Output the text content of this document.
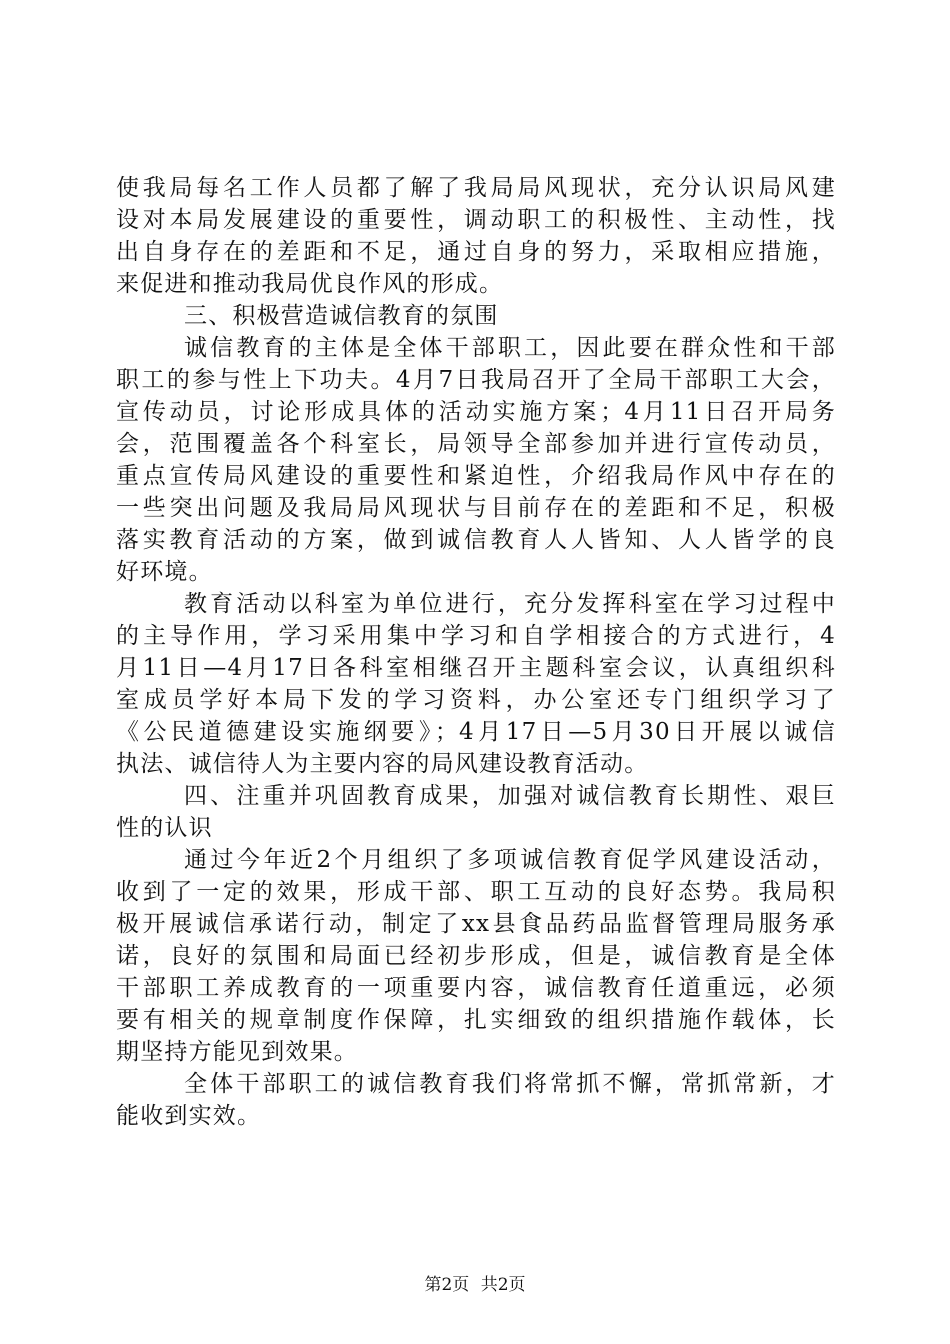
使我局每名工作人员都了解了我局局风现状，充分认识局风建
设对本局发展建设的重要性，调动职工的积极性、主动性，找
出自身存在的差距和不足，通过自身的努力，采取相应措施，
来促进和推动我局优良作风的形成。
三、积极营造诚信教育的氛围
诚信教育的主体是全体干部职工，因此要在群众性和干部
职工的参与性上下功夫。4月7日我局召开了全局干部职工大会，
宣传动员，讨论形成具体的活动实施方案；4月11日召开局务
会，范围覆盖各个科室长，局领导全部参加并进行宣传动员，
重点宣传局风建设的重要性和紧迫性，介绍我局作风中存在的
一些突出问题及我局局风现状与目前存在的差距和不足，积极
落实教育活动的方案，做到诚信教育人人皆知、人人皆学的良
好环境。
教育活动以科室为单位进行，充分发挥科室在学习过程中
的主导作用，学习采用集中学习和自学相接合的方式进行，4
月11日—4月17日各科室相继召开主题科室会议，认真组织科
室成员学好本局下发的学习资料，办公室还专门组织学习了
《公民道德建设实施纲要》；4月17日—5月30日开展以诚信
执法、诚信待人为主要内容的局风建设教育活动。
四、注重并巩固教育成果，加强对诚信教育长期性、艰巨
性的认识
通过今年近2个月组织了多项诚信教育促学风建设活动，
收到了一定的效果，形成干部、职工互动的良好态势。我局积
极开展诚信承诺行动，制定了xx县食品药品监督管理局服务承
诺，良好的氛围和局面已经初步形成，但是，诚信教育是全体
干部职工养成教育的一项重要内容，诚信教育任道重远，必须
要有相关的规章制度作保障，扎实细致的组织措施作载体，长
期坚持方能见到效果。
全体干部职工的诚信教育我们将常抓不懈，常抓常新，才
能收到实效。
第2页 共2页
